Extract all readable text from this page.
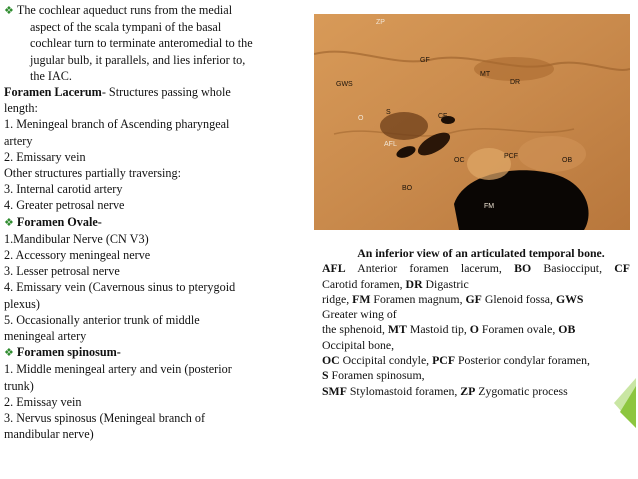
❖ The cochlear aqueduct runs from the medial
aspect of the scala tympani of the basal
cochlear turn to terminate anteromedial to the
jugular bulb, it parallels, and lies inferior to,
the IAC.
Foramen Lacerum- Structures passing whole
length:
1. Meningeal branch of Ascending pharyngeal
artery
2. Emissary vein
Other structures partially traversing:
3. Internal carotid artery
4. Greater petrosal nerve
❖ Foramen Ovale-
1.Mandibular Nerve (CN V3)
2. Accessory meningeal nerve
3. Lesser petrosal nerve
4. Emissary vein (Cavernous sinus to pterygoid
plexus)
5. Occasionally anterior trunk of middle
meningeal artery
❖ Foramen spinosum-
1. Middle meningeal artery and vein (posterior
trunk)
2. Emissay vein
3. Nervus spinosus (Meningeal branch of
mandibular nerve)
ZP
GF
GWS
MT
DR
O
S
CF
AFL
OC
PCF
OB
BO
FM
An inferior view of an articulated temporal bone.
AFL Anterior foramen lacerum, BO Basiocciput, CF
Carotid foramen, DR Digastric
ridge, FM Foramen magnum, GF Glenoid fossa, GWS
Greater wing of
the sphenoid, MT Mastoid tip, O Foramen ovale, OB
Occipital bone,
OC Occipital condyle, PCF Posterior condylar foramen,
S Foramen spinosum,
SMF Stylomastoid foramen, ZP Zygomatic process
